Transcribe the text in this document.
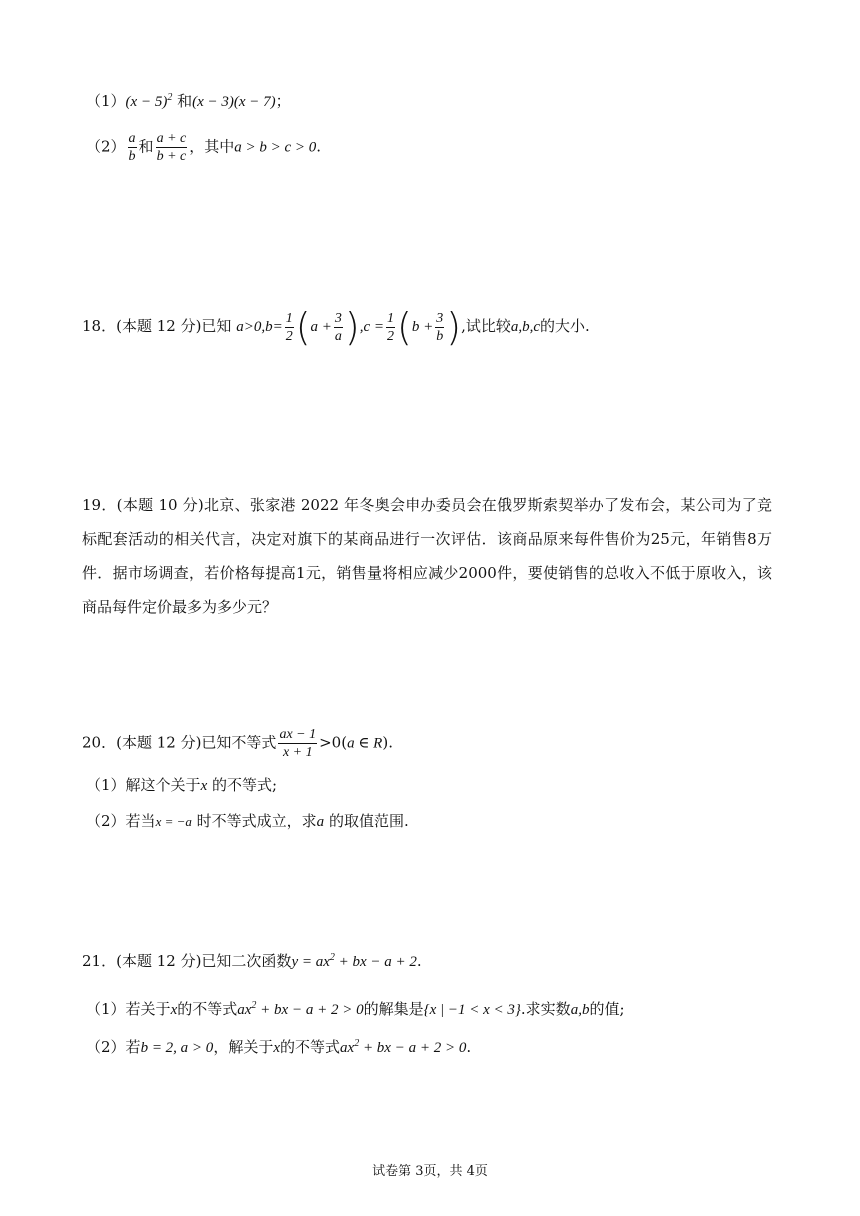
$(1)(x - 5)^2$ 和(x − 3)(x − 7)；
$(2) \frac{a}{b}$ 和 $\frac{a + c}{b + c}$ ，其中a > b > c > 0.
18．(本题 12 分)已知 $a>0,b= \frac{1}{2} (a + \frac{3}{a} ),c = \frac{1}{2} (b + \frac{3}{b}$ ),试比较a,b,c的大小.
19．(本题 10 分)北京、张家港 2022 年冬奥会申办委员会在俄罗斯索契举办了发布会，某公司为了竞标配套活动的相关代言，决定对旗下的某商品进行一次评估．该商品原来每件售价为25元，年销售8万件．据市场调查，若价格每提高1元，销售量将相应减少2000件，要使销售的总收入不低于原收入，该商品每件定价最多为多少元？
20．(本题 12 分)已知不等式 $\frac{ax - 1}{x + 1} >0(a$ ∈ R).
（1）解这个关于x 的不等式;
（2）若当x = −a 时不等式成立，求a 的取值范围.
21．(本题 12 分)已知二次函数$y = ax^2$ + bx − a + 2.
（1）若关于x的不等式$ax^2$ + bx − a + 2 > 0的解集是{x | −1 < x < 3}.求实数a,b的值;
（2）若b = 2, a > 0，解关于x的不等式$ax^2$ + bx − a + 2 > 0.
试卷第 3页，共 4页
